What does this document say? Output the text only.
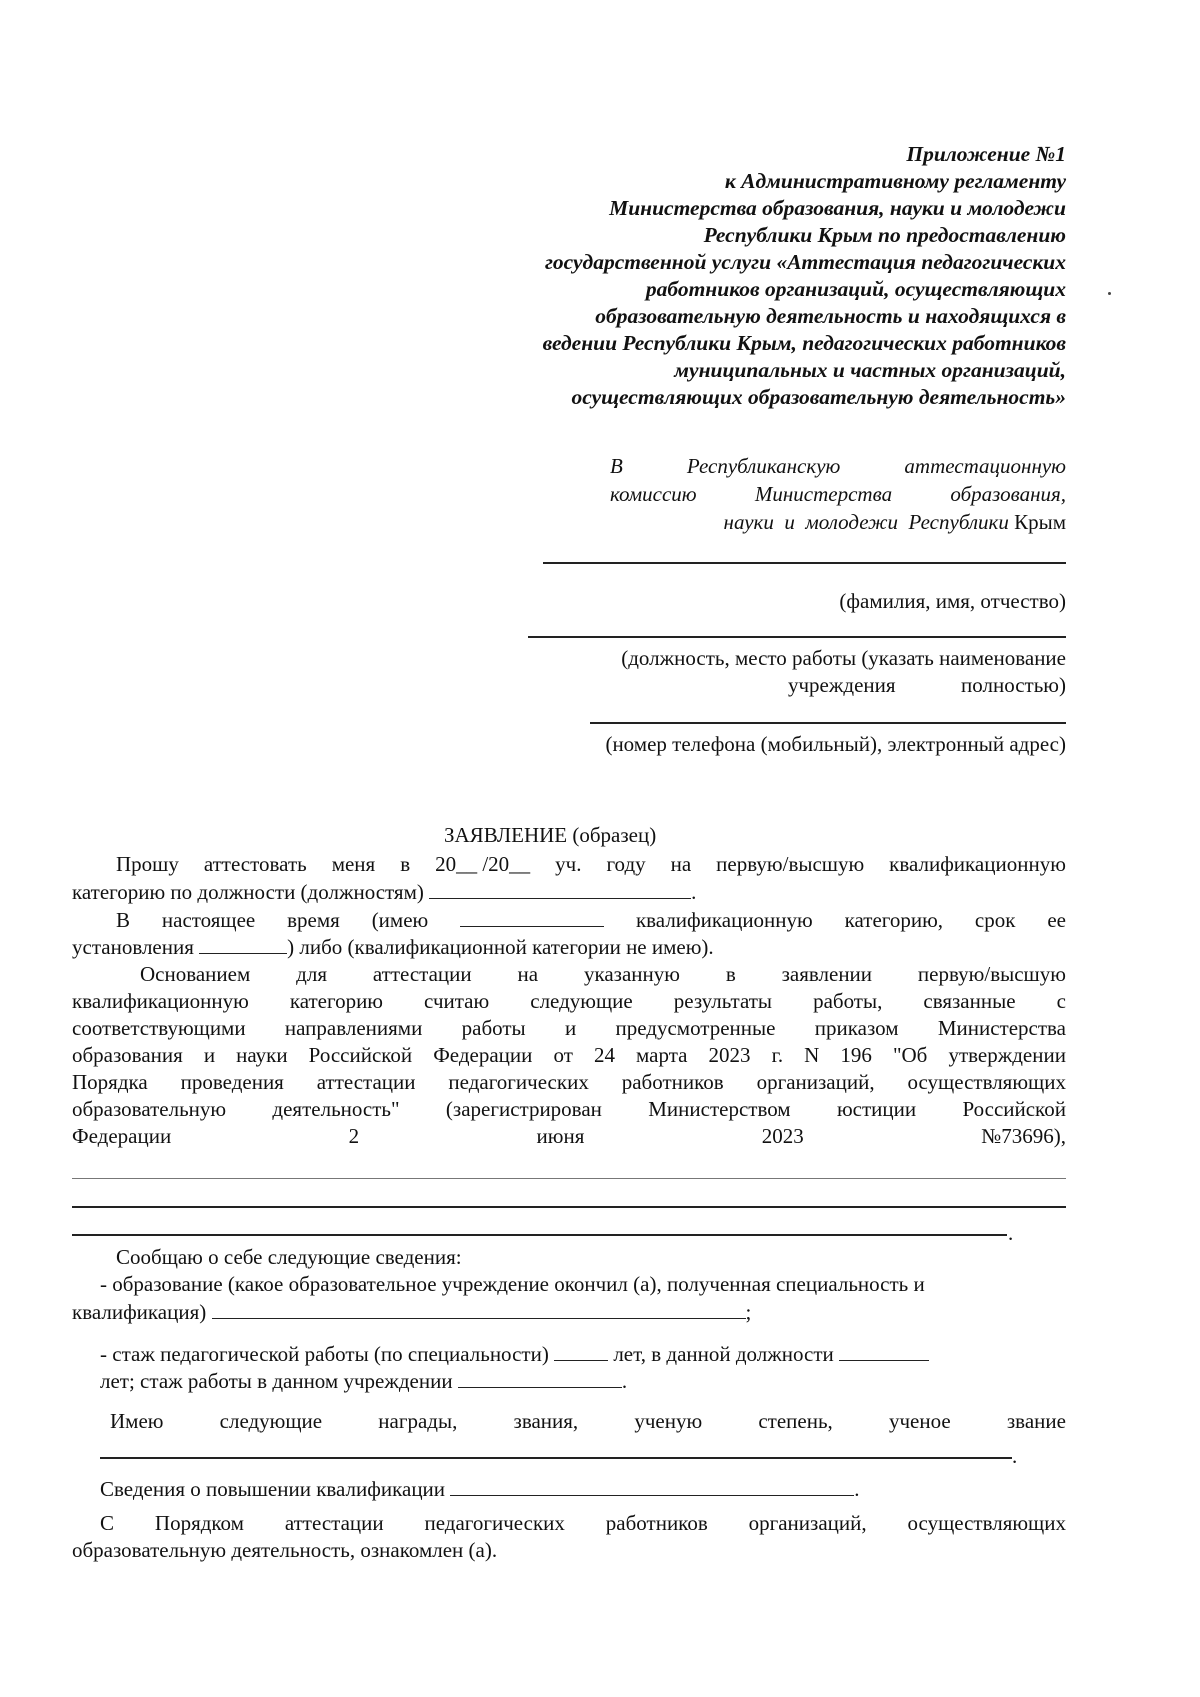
Приложение №1
к Административному регламенту
Министерства образования, науки и молодежи
Республики Крым по предоставлению
государственной услуги «Аттестация педагогических
работников организаций, осуществляющих
образовательную деятельность и находящихся в
ведении Республики Крым, педагогических работников
муниципальных и частных организаций,
осуществляющих образовательную деятельность»
В	Республиканскую	аттестационную
комиссию	Министерства	образования,
науки  и  молодежи  Республики Крым
(фамилия, имя, отчество)
(должность, место работы (указать наименование
учреждения	полностью)
(номер телефона (мобильный), электронный адрес)
ЗАЯВЛЕНИЕ (образец)
Прошу аттестовать меня в 20__ /20__ уч. году на первую/высшую квалификационную
категорию по должности (должностям)	.
В настоящее время (имею	квалификационную категорию, срок ее
установления	) либо (квалификационной категории не имею).
Основанием для аттестации на указанную в заявлении первую/высшую
квалификационную категорию считаю следующие результаты работы, связанные с
соответствующими направлениями работы и предусмотренные приказом Министерства
образования и науки Российской Федерации от 24 марта 2023 г. N 196 "Об утверждении
Порядка проведения аттестации педагогических работников организаций, осуществляющих
образовательную деятельность" (зарегистрирован Министерством юстиции Российской
Федерации	2	июня	2023	№73696),
.
Сообщаю о себе следующие сведения:
- образование (какое образовательное учреждение окончил (а), полученная специальность и
квалификация)	;
- стаж педагогической работы (по специальности)	лет, в данной должности
лет; стаж работы в данном учреждении	.
Имею	следующие	награды,	звания,	ученую	степень,	ученое	звание
.
Сведения о повышении квалификации	.
С Порядком аттестации педагогических работников организаций, осуществляющих
образовательную деятельность, ознакомлен (а).
